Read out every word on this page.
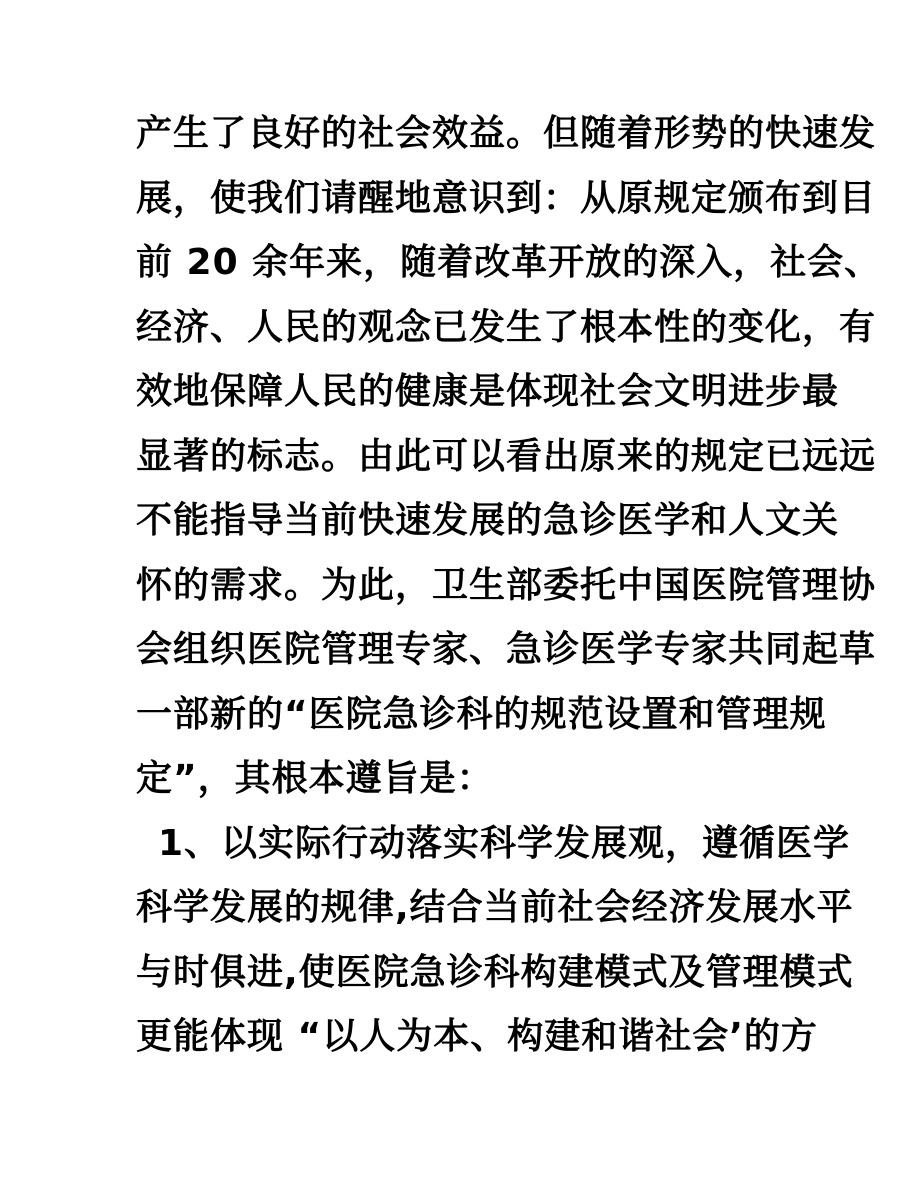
产生了良好的社会效益。但随着形势的快速发
展，使我们请醒地意识到：从原规定颁布到目
前 20 余年来，随着改革开放的深入，社会、
经济、人民的观念已发生了根本性的变化，有
效地保障人民的健康是体现社会文明进步最
显著的标志。由此可以看出原来的规定已远远
不能指导当前快速发展的急诊医学和人文关
怀的需求。为此，卫生部委托中国医院管理协
会组织医院管理专家、急诊医学专家共同起草
一部新的“医院急诊科的规范设置和管理规
定”，其根本遵旨是：
1、以实际行动落实科学发展观，遵循医学
科学发展的规律,结合当前社会经济发展水平
与时俱进,使医院急诊科构建模式及管理模式
更能体现 “以人为本、构建和谐社会’的方
